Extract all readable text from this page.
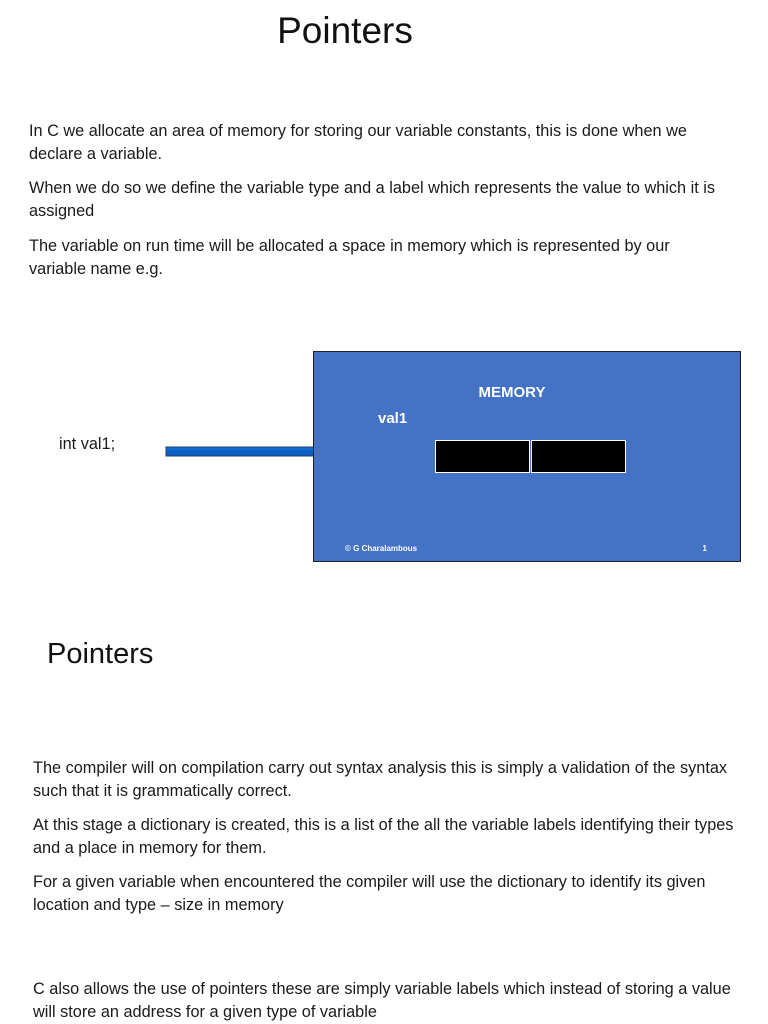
Pointers

In C we allocate an area of memory for storing our variable constants, this is done when we declare a variable.

When we do so we define the variable type and a label which represents the value to which it is assigned

The variable on run time will be allocated a space in memory which is represented by our variable name e.g.

int val1;
MEMORY
val1
© G Charalambous	1
Pointers

The compiler will on compilation carry out syntax analysis this is simply a validation of the syntax such that it is grammatically correct.

At this stage a dictionary is created, this is a list of the all the variable labels identifying their types and a place in memory for them.

For a given variable when encountered the compiler will use the dictionary to identify its given location and type – size in memory

C also allows the use of pointers these are simply variable labels which instead of storing a value will store an address for a given type of variable
